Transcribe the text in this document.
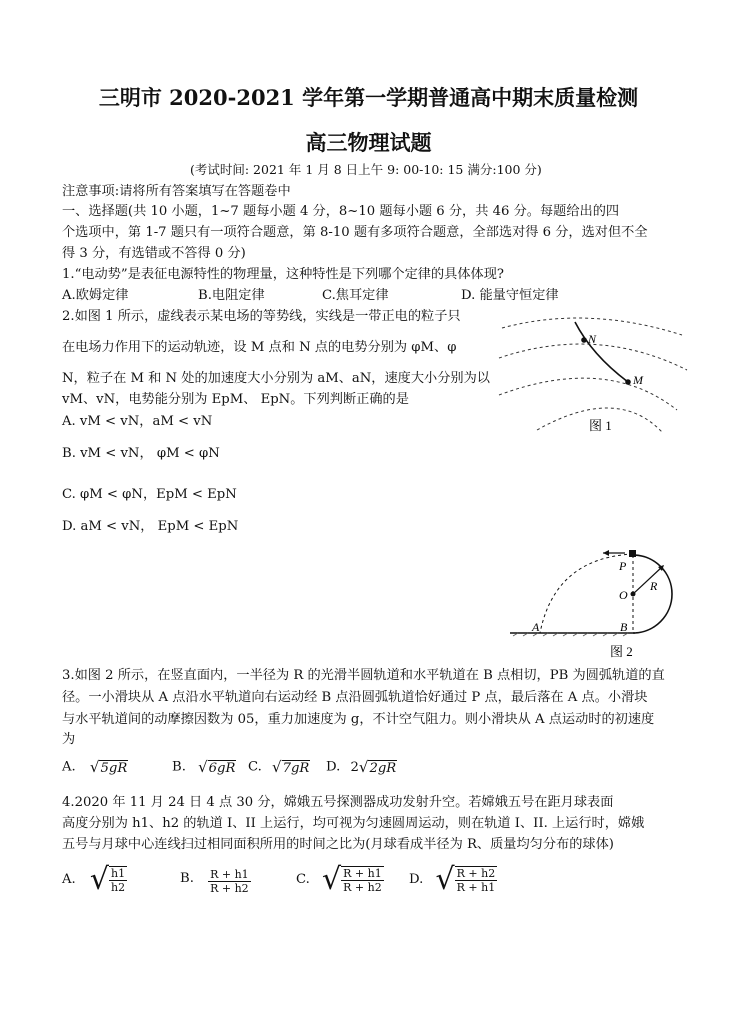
三明市 2020-2021 学年第一学期普通高中期末质量检测
高三物理试题
(考试时间: 2021 年 1 月 8 日上午 9: 00-10: 15 满分:100 分)
注意事项:请将所有答案填写在答题卷中
一、选择题(共 10 小题，1~7 题每小题 4 分，8~10 题每小题 6 分，共 46 分。每题给出的四
个选项中，第 1-7 题只有一项符合题意，第 8-10 题有多项符合题意，全部选对得 6 分，选对但不全
得 3 分，有选错或不答得 0 分)
1.“电动势”是表征电源特性的物理量，这种特性是下列哪个定律的具体体现?
A.欧姆定律	B.电阻定律	C.焦耳定律	D. 能量守恒定律
2.如图 1 所示，虚线表示某电场的等势线，实线是一带正电的粒子只
在电场力作用下的运动轨迹，设 M 点和 N 点的电势分别为 φM、φ
N，粒子在 M 和 N 处的加速度大小分别为 aM、aN，速度大小分别为以
vM、vN，电势能分别为 EpM、 EpN。下列判断正确的是
A. vM < vN，aM < vN
B. vM < vN， φM < φN
C. φM < φN，EpM < EpN
D. aM < vN， EpM < EpN
N
M
图 1
P
O
R
A	B
图 2
3.如图 2 所示，在竖直面内，一半径为 R 的光滑半圆轨道和水平轨道在 B 点相切，PB 为圆弧轨道的直
径。一小滑块从 A 点沿水平轨道向右运动经 B 点沿圆弧轨道恰好通过 P 点，最后落在 A 点。小滑块
与水平轨道间的动摩擦因数为 05，重力加速度为 g，不计空气阻力。则小滑块从 A 点运动时的初速度
为
A. √5gR	B. √6gR C. √7gR D. 2√2gR
4.2020 年 11 月 24 日 4 点 30 分，嫦娥五号探测器成功发射升空。若嫦娥五号在距月球表面
高度分别为 h1、h2 的轨道 I、II 上运行，均可视为匀速圆周运动，则在轨道 I、II. 上运行时，嫦娥
五号与月球中心连线扫过相同面积所用的时间之比为(月球看成半径为 R、质量均匀分布的球体)
A. √ $\frac{h1}{h2}$	B. $\frac{R + h1}{R + h2}$	C. √ $\frac{R + h1}{R + h2} D$. √ $\frac{R + h2}{R + h1}$
